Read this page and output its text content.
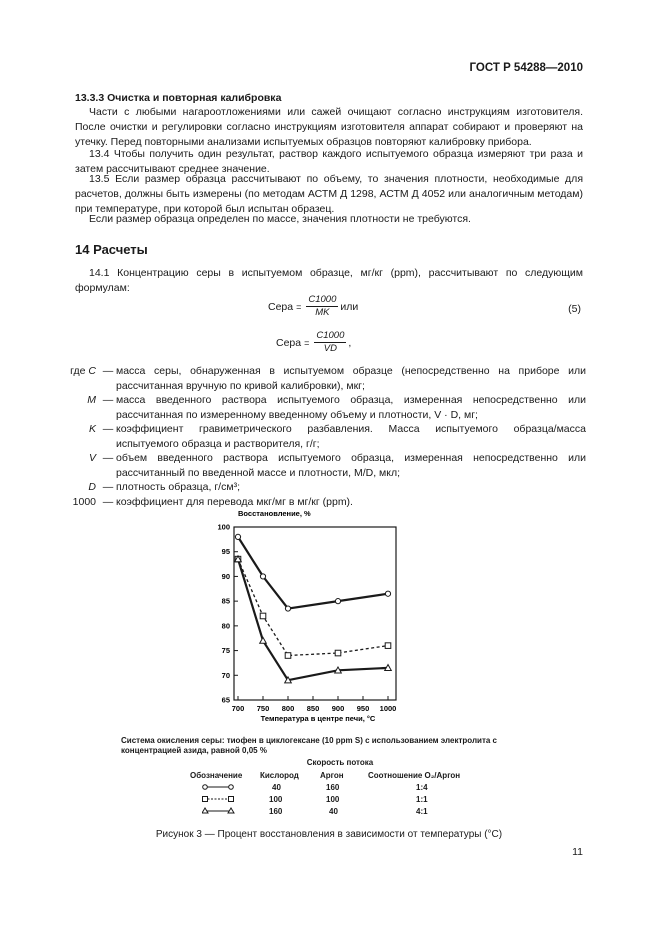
ГОСТ Р 54288—2010
13.3.3 Очистка и повторная калибровка
Части с любыми нагароотложениями или сажей очищают согласно инструкциям изготовителя. После очистки и регулировки согласно инструкциям изготовителя аппарат собирают и проверяют на утечку. Перед повторными анализами испытуемых образцов повторяют калибровку прибора.
13.4 Чтобы получить один результат, раствор каждого испытуемого образца измеряют три раза и затем рассчитывают среднее значение.
13.5 Если размер образца рассчитывают по объему, то значения плотности, необходимые для расчетов, должны быть измерены (по методам АСТМ Д 1298, АСТМ Д 4052 или аналогичным методам) при температуре, при которой был испытан образец.
Если размер образца определен по массе, значения плотности не требуются.
14 Расчеты
14.1 Концентрацию серы в испытуемом образце, мг/кг (ppm), рассчитывают по следующим формулам:
Сера = $\frac{C1000}{MK}$ или	(5)
Сера = $\frac{C1000}{VD}$ ,
где C — масса серы, обнаруженная в испытуемом образце (непосредственно на приборе или рассчитанная вручную по кривой калибровки), мкг;
M — масса введенного раствора испытуемого образца, измеренная непосредственно или рассчитанная по измеренному введенному объему и плотности, V · D, мг;
K — коэффициент гравиметрического разбавления. Масса испытуемого образца/масса испытуемого образца и растворителя, г/г;
V — объем введенного раствора испытуемого образца, измеренная непосредственно или рассчитанный по введенной массе и плотности, M/D, мкл;
D — плотность образца, г/см³;
1000 — коэффициент для перевода мкг/мг в мг/кг (ppm).
Восстановление, %
100
95
90
85
80
75
70
65
700 750 800 850 900 950 1000
Температура в центре печи, °С
Система окисления серы: тиофен в циклогексане (10 ppm S) с использованием электролита с концентрацией азида, равной 0,05 %
Скорость потока
Обозначение Кислород	Аргон	Соотношение O₂/Аргон
40	160	1:4
100	100	1:1
160	40	4:1
Рисунок 3 — Процент восстановления в зависимости от температуры (°С)
11
